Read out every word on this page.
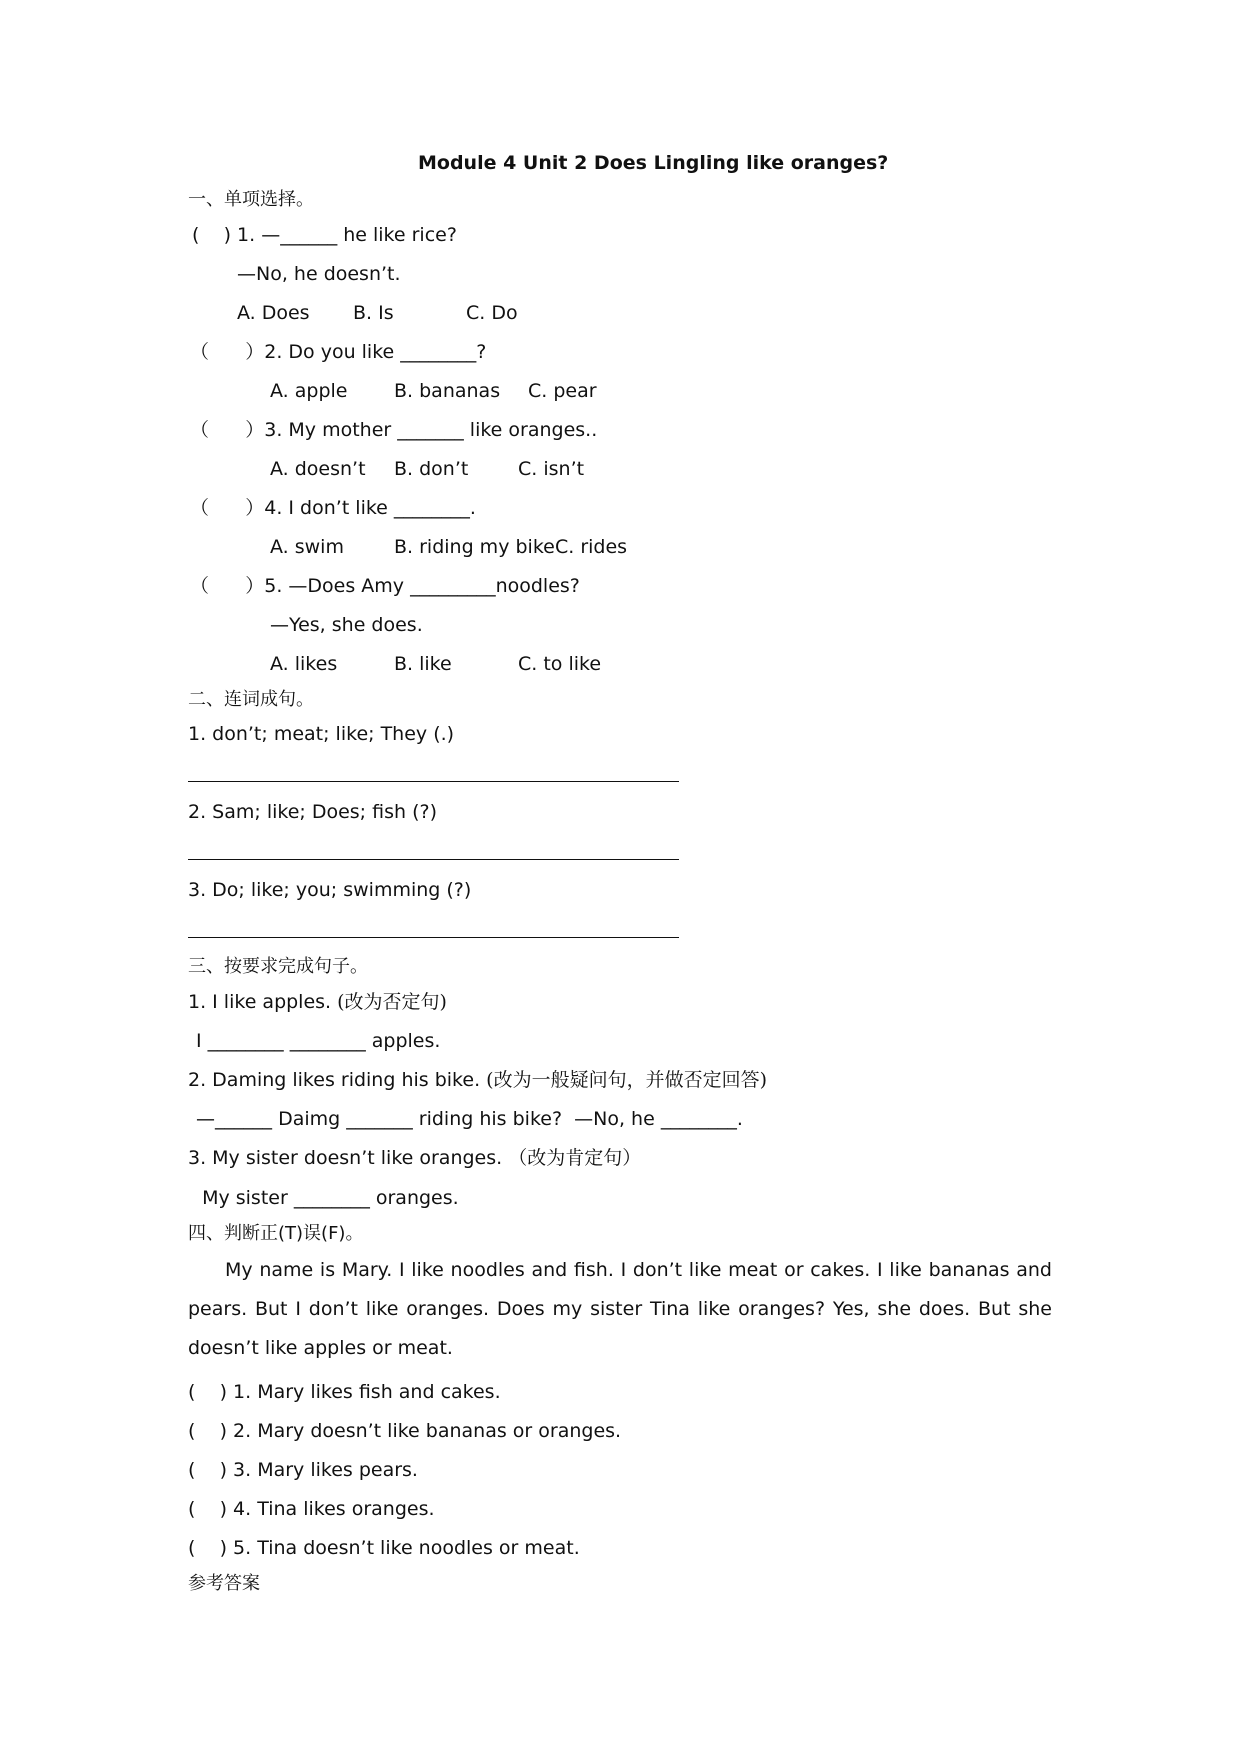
Module 4 Unit 2 Does Lingling like oranges?
一、单项选择。
(    ) 1. —______ he like rice?
—No, he doesn’t.
A. Does B. Is	C. Do
（      ）2. Do you like ________?
A. apple B. bananas C. pear
（      ）3. My mother _______ like oranges..
A. doesn’t B. don’t	C. isn’t
（      ）4. I don’t like ________.
A. swim	B. riding my bike C. rides
（      ）5. —Does Amy _________noodles?
—Yes, she does.
A. likes	B. like	C. to like
二、连词成句。
1. don’t; meat; like; They (.)
2. Sam; like; Does; fish (?)
3. Do; like; you; swimming (?)
三、按要求完成句子。
1. I like apples. (改为否定句)
I ________ ________ apples.
2. Daming likes riding his bike. (改为一般疑问句，并做否定回答)
—______ Daimg _______ riding his bike?  —No, he ________.
3. My sister doesn’t like oranges. （改为肯定句）
My sister ________ oranges.
四、判断正(T)误(F)。

My name is Mary. I like noodles and fish. I don’t like meat or cakes. I like bananas and pears. But I don’t like oranges. Does my sister Tina like oranges? Yes, she does. But she doesn’t like apples or meat.

(    ) 1. Mary likes fish and cakes.
(    ) 2. Mary doesn’t like bananas or oranges.
(    ) 3. Mary likes pears.
(    ) 4. Tina likes oranges.
(    ) 5. Tina doesn’t like noodles or meat.
参考答案
